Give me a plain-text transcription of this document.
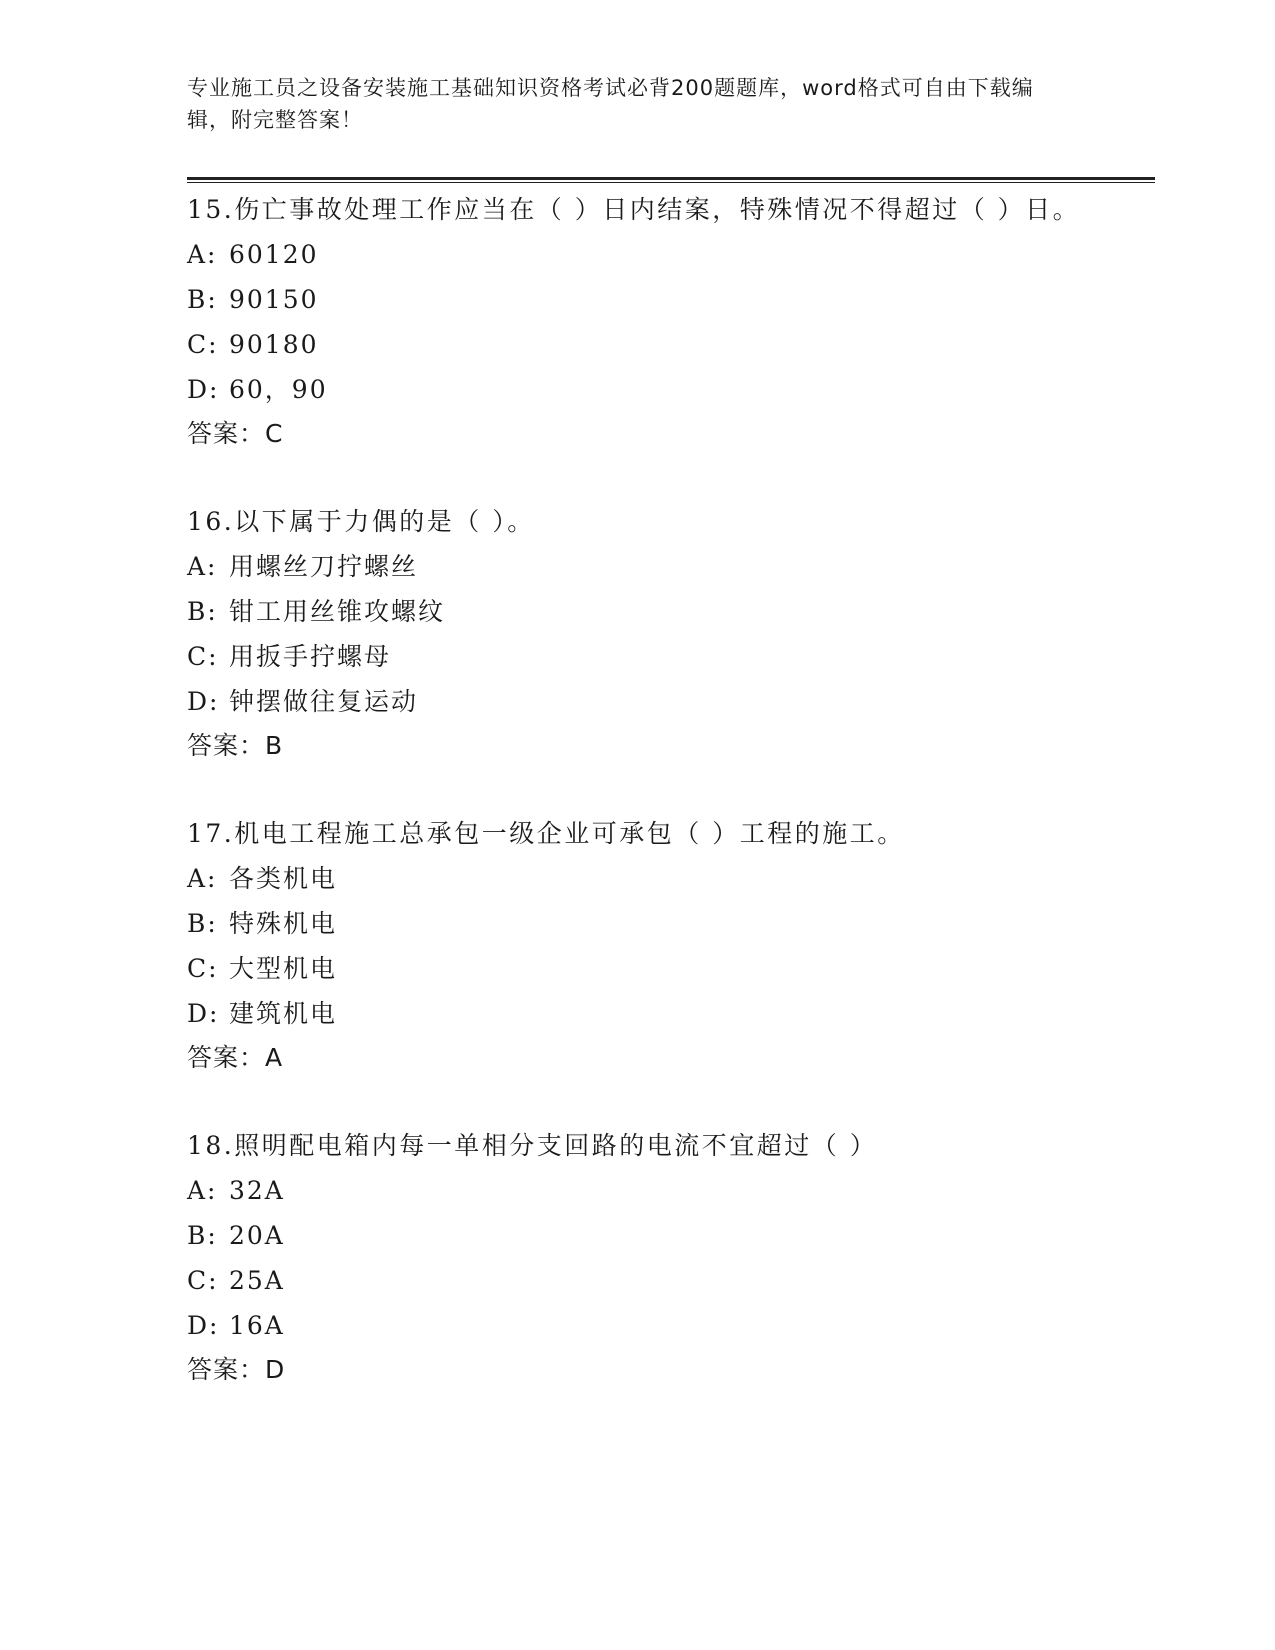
专业施工员之设备安装施工基础知识资格考试必背200题题库，word格式可自由下载编辑，附完整答案！

15.伤亡事故处理工作应当在（ ）日内结案，特殊情况不得超过（ ）日。

A: 60120
B: 90150
C: 90180
D: 60，90
答案：C

16.以下属于力偶的是（ ）。

A: 用螺丝刀拧螺丝
B: 钳工用丝锥攻螺纹
C: 用扳手拧螺母
D: 钟摆做往复运动
答案：B

17.机电工程施工总承包一级企业可承包（ ）工程的施工。

A: 各类机电
B: 特殊机电
C: 大型机电
D: 建筑机电
答案：A

18.照明配电箱内每一单相分支回路的电流不宜超过（ ）

A: 32A
B: 20A
C: 25A
D: 16A
答案：D
